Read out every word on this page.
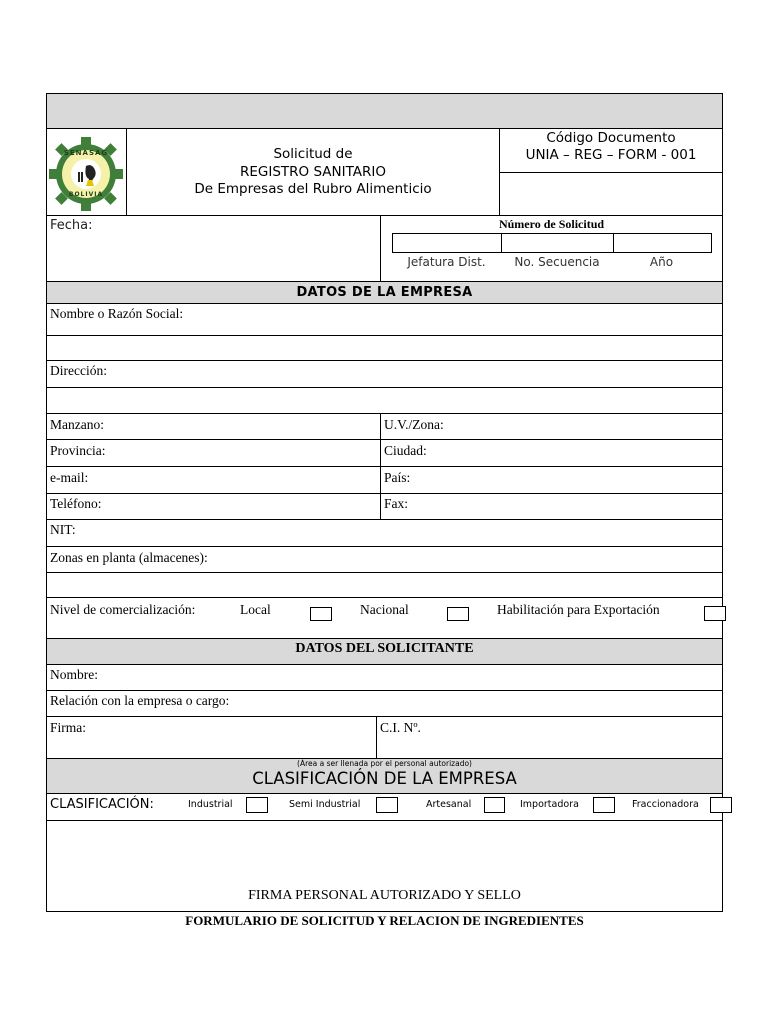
SENASAG
BOLIVIA
Solicitud de
REGISTRO SANITARIO
De Empresas del Rubro Alimenticio
Código Documento
UNIA – REG – FORM - 001
Fecha:	Número de Solicitud
Jefatura Dist.	No. Secuencia	Año
DATOS DE LA EMPRESA
Nombre o Razón Social:
Dirección:
Manzano:	U.V./Zona:
Provincia:	Ciudad:
e-mail:	País:
Teléfono:	Fax:
NIT:
Zonas en planta (almacenes):
Nivel de comercialización:	Local	Nacional	Habilitación para Exportación
DATOS DEL SOLICITANTE
Nombre:
Relación con la empresa o cargo:
Firma:	C.I. Nº.
(Área a ser llenada por el personal autorizado)
CLASIFICACIÓN DE LA EMPRESA
CLASIFICACIÓN:	Industrial	Semi Industrial	Artesanal	Importadora	Fraccionadora
FIRMA PERSONAL AUTORIZADO Y SELLO
FORMULARIO DE SOLICITUD Y RELACION DE INGREDIENTES
